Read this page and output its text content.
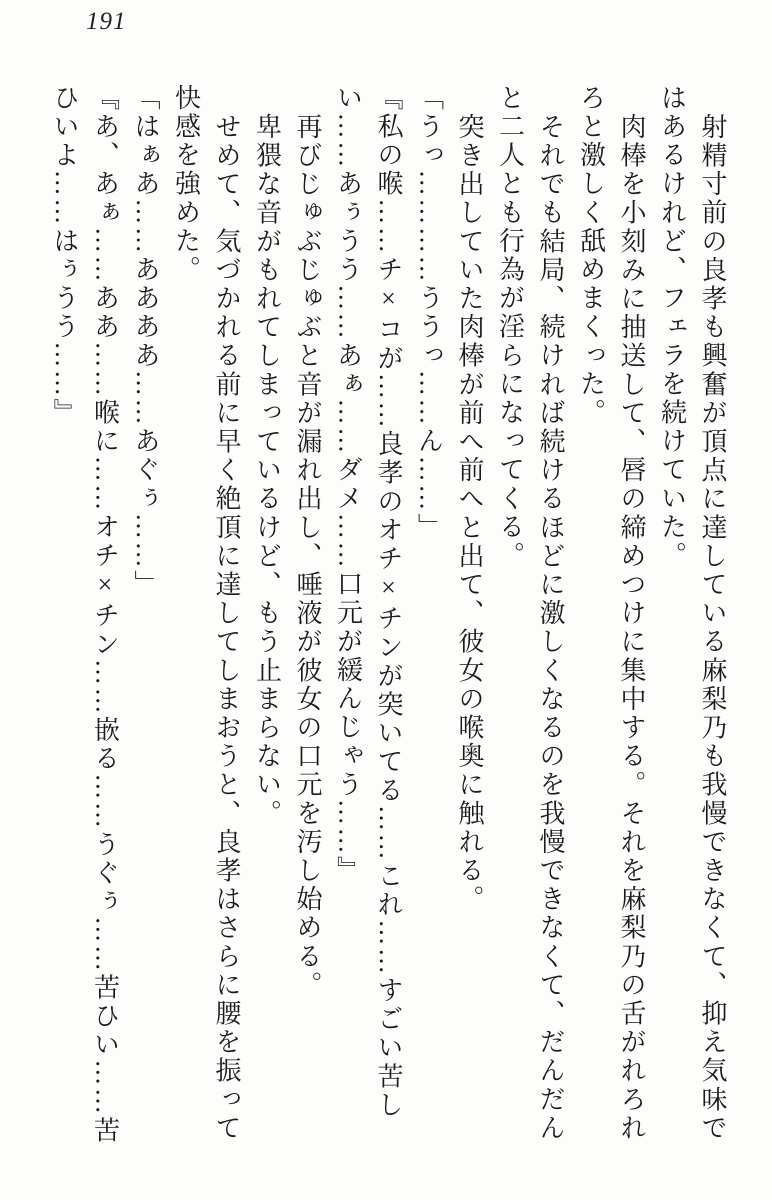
191

射精寸前の良孝も興奮が頂点に達している麻梨乃も我慢できなくて、抑え気味ではあるけれど、フェラを続けていた。

肉棒を小刻みに抽送して、唇の締めつけに集中する。それを麻梨乃の舌がれろれろと激しく舐めまくった。

それでも結局、続ければ続けるほどに激しくなるのを我慢できなくて、だんだんと二人とも行為が淫らになってくる。

突き出していた肉棒が前へ前へと出て、彼女の喉奥に触れる。

「うっ…………ううっ……ん……」

『私の喉……チ×コが……良孝のオチ×チンが突いてる……これ……すごい苦しい……あぅうう……あぁ……ダメ……口元が緩んじゃう……』

再びじゅぶじゅぶと音が漏れ出し、唾液が彼女の口元を汚し始める。

卑猥な音がもれてしまっているけど、もう止まらない。

せめて、気づかれる前に早く絶頂に達してしまおうと、良孝はさらに腰を振って快感を強めた。

「はぁあ……ああああ……あぐぅ……」

『あ、あぁ……ああ……喉に……オチ×チン……嵌る……うぐぅ……苦ひい……苦ひいよ……はぅうう……』
